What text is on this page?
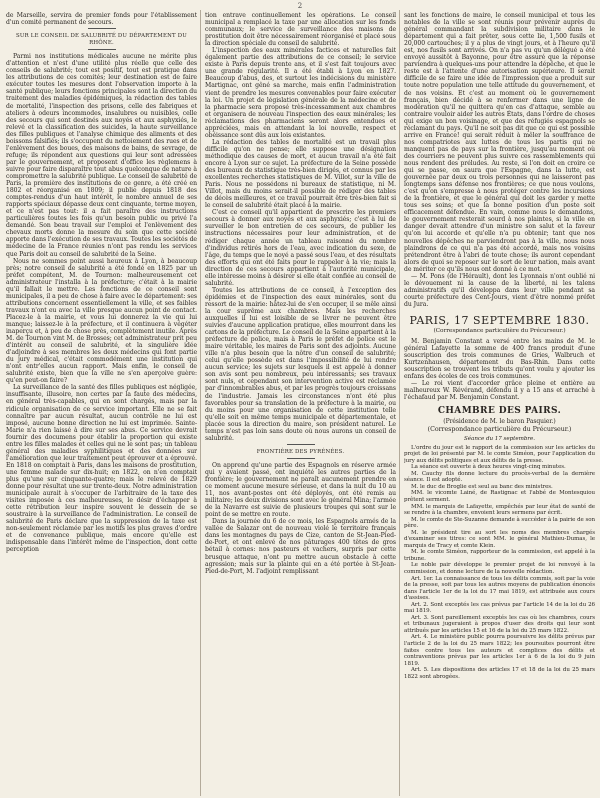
2

de Marseille, servira de premier fonds pour l'établissement d'un comité permanent de secours.

SUR LE CONSEIL DE SALUBRITÉ DU DÉPARTEMENT DU RHÔNE.

Parmi nos institutions médicales aucune ne mérite plus d'attention et n'est d'une utilité plus réelle que celle des conseils de salubrité; tout est positif, tout est pratique dans les attributions de ces comités; leur destination est de faire exécuter toutes les mesures dont l'observation importe à la santé publique; leurs fonctions principales sont la direction du traitement des maladies épidémiques, la rédaction des tables de mortalité, l'inspection des prisons, celle des fabriques et ateliers à odeurs incommodes, insalubres ou nuisibles, celle des secours qui sont destinés aux noyés et aux asphyxiés, le relevé et la classification des suicides, la haute surveillance des filles publiques et l'analyse chimique des aliments et des boissons falsifiés; ils s'occupent du nettoiement des rues et de l'enlèvement des boues, des maisons de bains, de sevrage, de refuge; ils répondent aux questions qui leur sont adressées par le gouvernement, et proposent d'office les règlemens à suivre pour faire disparaître tout abus quelconque de nature à compromettre la salubrité publique. Le conseil de salubrité de Paris, la première des institutions de ce genre, a été créé en 1802 et réorganisé en 1809; il publie depuis 1818 des comptes-rendus d'un haut intérêt, le nombre annuel de ses rapports spéciaux dépasse deux cent cinquante, terme moyen, et ce n'est pas tout: il a fait paraître des instructions particulières toutes les fois qu'un besoin public ou privé l'a demandé. Son beau travail sur l'emploi et l'enlèvement des chevaux morts donne la mesure du soin que cette société apporte dans l'exécution de ses travaux. Toutes les sociétés de médecine de la France réunies n'ont pas rendu les services que Paris doit au conseil de salubrité de la Seine.

Nous ne sommes point aussi heureux à Lyon, à beaucoup près; notre conseil de salubrité a été fondé en 1825 par un préfet compétent, M. de Tournon: malheureusement cet administrateur l'installa à la préfecture; c'était à la mairie qu'il fallait le mettre. Les fonctions de ce conseil sont municipales, il a peu de chose à faire avec le département: ses attributions concernent essentiellement la ville, et ses faibles travaux n'ont eu avec la ville presque aucun point de contact. Placez-le à la mairie, et vous lui donnerez la vie qui lui manque; laissez-le à la préfecture, et il continuera à végéter inaperçu et, à peu de chose près, complètement inutile. Après M. de Tournon vint M. de Brosses; cet administrateur prit peu d'intérêt au conseil de salubrité, et la singulière idée d'adjoindre à ses membres les deux médecins qui font partie du jury médical, c'était commodément une institution qui n'ont entr'elles aucun rapport. Mais enfin, le conseil de salubrité existe, bien que la ville ne s'en aperçoive guère: qu'en peut-on faire?

La surveillance de la santé des filles publiques est négligée, insuffisante, illusoire, non certes par la faute des médecins, en général très-capables, qui en sont chargés, mais par la ridicule organisation de ce service important. Elle ne se fait connaître par aucun résultat, aucun contrôle ne lui est imposé, aucune bonne direction ne lui est imprimée. Sainte-Marie n'a rien laissé à dire sur ses abus. Ce service devrait fournir des documens pour établir la proportion qui existe entre les filles malades et celles qui ne le sont pas; un tableau général des maladies syphilitiques et des données sur l'amélioration que leur traitement peut éprouver et a éprouvé. En 1818 on comptait à Paris, dans les maisons de prostitution, une femme malade sur dix-huit; en 1822, on n'en comptait plus qu'une sur cinquante-quatre; mais le relevé de 1829 donne pour résultat une sur trente-deux. Notre administration municipale aurait à s'occuper de l'arbitraire de la taxe des visites imposée à ces malheureuses, le désir d'échapper à cette rétribution leur inspire souvent le dessein de se soustraire à la surveillance de l'administration. Le conseil de salubrité de Paris déclare que la suppression de la taxe est non-seulement réclamée par les motifs les plus graves d'ordre et de convenance publique, mais encore qu'elle est indispensable dans l'intérêt même de l'inspection, dont cette perception

tion entrave continuellement les opérations. Le conseil municipal a remplacé la taxe par une allocation sur les fonds communaux; le service de surveillance des maisons de prostitution doit être nécessairement réorganisé et placé sous la direction spéciale du conseil de salubrité.

L'inspection des eaux minérales factices et naturelles fait également partie des attributions de ce conseil; le service existe à Paris depuis trente ans, et il s'est fait toujours avec une grande régularité. Il a été établi à Lyon en 1827. Beaucoup d'abus, des, et surtout les indécisions du ministère Martignac, ont gêné sa marche, mais enfin l'administration vient de prendre les mesures convenables pour faire exécuter la loi. Un projet de législation générale de la médecine et de la pharmacie sera proposé très-incessamment aux chambres et organisera de nouveau l'inspection des eaux minérales; les réclamations des pharmaciens seront alors entendues et appréciées, mais en attendant la loi nouvelle, respect et obéissance sont dûs aux lois existantes.

La rédaction des tables de mortalité est un travail plus difficile qu'on ne pense; elle suppose une désignation méthodique des causes de mort, et aucun travail n'a été fait encore à Lyon sur ce sujet. La préfecture de la Seine possède des bureaux de statistique très-bien dirigés, et connus par les excellentes recherches statistiques de M. Villot, sur la ville de Paris. Nous ne possédons ni bureaux de statistique, ni M. Villot, mais du moins serait-il possible de rédiger des tables de décès meilleures, et ce travail pourrait être très-bien fait si le conseil de salubrité était placé à la mairie.

C'est ce conseil qu'il appartient de prescrire les premiers secours à donner aux noyés et aux asphyxiés; c'est à lui de surveiller le bon entretien de ces secours, de publier les instructions nécessaires pour leur administration, et de rédiger chaque année un tableau raisonné du nombre d'individus retirés hors de l'eau, avec indication du sexe, de l'âge, du temps que le noyé a passé sous l'eau, et des résultats des efforts qui ont été faits pour le rappeler à la vie; mais la direction de ces secours appartient à l'autorité municipale, elle intéresse moins à désirer si elle était confiée au conseil de salubrité.

Toutes les attributions de ce conseil, à l'exception des épidémies et de l'inspection des eaux minérales, sont du ressort de la mairie: hâtez-lui de s'en occuper, il se mêle ainsi la cour suprême aux chambres. Mais les recherches auxquelles il lui est loisible de se livrer ne peuvent être suivies d'aucune application pratique, elles mourront dans les cartons de la préfecture. Le conseil de la Seine appartient à la préfecture de police, mais à Paris le préfet de police est le maire véritable, les maires de Paris sont des adjoints. Aucune ville n'a plus besoin que la nôtre d'un conseil de salubrité; celui qu'elle possède est dans l'impossibilité de lui rendre aucun service; les sujets sur lesquels il est appelé à donner son avis sont peu nombreux, peu intéressants; ses travaux sont nuls, et cependant son intervention active est réclamée par d'innombrables abus, et par les progrès toujours croissans de l'industrie. Jamais les circonstances n'ont été plus favorables pour sa translation de la préfecture à la mairie, ou du moins pour une organisation de cette institution telle qu'elle soit en même temps municipale et départementale, et placée sous la direction du maire, son président naturel. Le temps n'est pas loin sans doute où nous aurons un conseil de salubrité.

FRONTIÈRE DES PYRÉNÉES.

On apprend qu'une partie des Espagnols en réserve armée qui y avaient passé, ont inquiété les autres parties de la frontière; le gouvernement ne paraît aucunement prendre en ce moment aucune mesure sérieuse, et dans la nuit du 10 au 11, nos avant-postes ont été déployés, ont été remis au militaire; les deux divisions sont avec le général Mina; l'armée de la Navarre est suivie de plusieurs troupes qui sont sur le point de se mettre en route.

Dans la journée du 6 de ce mois, les Espagnols armés de la vallée de Salazar ont de nouveau violé le territoire français dans les montagnes du pays de Cize, canton de St-Jean-Pied-de-Port, et ont enlevé de nos pâturages 400 têtes de gros bétail à cornes: nos pasteurs et vachers, surpris par cette brusque attaque, n'ont pu mettre aucun obstacle à cette agression; mais sur la plainte qui en a été portée à St-Jean-Pied-de-Port, M. l'adjoint remplissant

sant les fonctions de maire, le conseil municipal et tous les notables de la ville se sont réunis pour prévenir auprès du général commandant la subdivision militaire dans le département qui a fait prêter, sous cette lie, 1,500 fusils et 20,000 cartouches; il y a plus de vingt jours, et à l'heure qu'il est, nos fusils sont arrivés. On n'a pas vu qu'un délégué a été envoyé aussitôt à Bayonne, pour être assuré que la réponse parviendra à quelques-uns pour attendre la dépêche, et que le reste est à l'attente d'une autorisation supérieure. Il serait difficile de se faire une idée de l'impression que a produit sur toute notre population une telle attitude du gouvernement, et de nos voisins. Et c'est au moment où le gouvernement français, bien décidé à se renfermer dans une ligne de modération qu'il ne quittera qu'en cas d'attaque, semble au contraire vouloir aider les autres États, dans l'ordre de choses qui exige un bon voisinage, et que des réfugiés espagnols se réclamant du pays. Qu'il ne soit pas dit que ce qui est possible arrive en France! qui serait réduit à mêler la souffrance de nos compatriotes aux luttes de tous les partis qui ne manquent pas de pays sur la frontière, jusqu'au moment où des courriers ne peuvent plus suivre ces rassemblements qui nous rendent des préludes. Au reste, si l'on doit en croire ce qui se passe, on saura que l'Espagne, dans la lutte, est gouvernée par deux ou trois personnes qui ne laisseront pas longtemps sans défense nos frontières; ce que nous voulons, c'est qu'on s'empresse à nous protéger contre les incursions de la frontière, et que le général qui doit les garder y mette tous ses soins; et que la bonne position d'un poste soit efficacement défendue. En vain, comme nous le demandons, le gouvernement resterait sourd à nos plaintes, si la ville en danger devait attendre d'un ministre son salut et la faveur qu'on lui accorde et qu'elle n'a pu obtenir; tant que nos nouvelles dépêches ne parviendront pas à la ville, nous nous plaindrons de ce qui n'a pas été accordé, mais nos voisins prétendront être à l'abri de toute chose; ils auront cependant alors de quoi se reposer sur le sort de leur nation, mais avant de mériter ce qu'ils nous ont donné à ce mot.

— M. Pons (de l'Hérault), dont les Lyonnais n'ont oublié ni le dévouement ni la cause de la liberté, ni les talens administratifs qu'il développa dans leur ville pendant sa courte préfecture des Cent-Jours, vient d'être nommé préfet du Jura.

PARIS, 17 SEPTEMBRE 1830.
(Correspondance particulière du Précurseur.)

M. Benjamin Constant a versé entre les mains de M. le général Lafayette la somme de 400 francs produit d'une souscription des trois communes de Gries, Walbruch et Kurtzenhausen, département du Bas-Rhin. Dans cette souscription se trouvent les tributs qu'ont voulu y ajouter les enfans des écoles de ces trois communes.

— Le roi vient d'accorder grâce pleine et entière au malheureux W. Révérand, défendu il y a 15 ans et arraché à l'échafaud par M. Benjamin Constant.

CHAMBRE DES PAIRS.
(Présidence de M. le baron Pasquier.)
(Correspondance particulière du Précurseur.)
Séance du 17 septembre.

L'ordre du jour est le rapport de la commission sur les articles du projet de loi présenté par M. le comte Siméon, pour l'application du jury aux délits politiques et aux délits de la presse.

La séance est ouverte à deux heures vingt-cinq minutes.

M. Cauchy fils donne lecture du procès-verbal de la dernière séance. Il est adopté.

M. le duc de Broglie est seul au banc des ministres.

MM. le vicomte Lainé, de Rastignac et l'abbé de Montesquiou prêtent serment.

MM. le marquis de Lafayette, empêchés par leur état de santé de se rendre à la chambre, envoient leurs sermens par écrit.

M. le comte de Ste-Suzanne demande à succéder à la pairie de son père.

M. le président tire au sort les noms des membres chargés d'examiner ses titres: ce sont MM. le général Mathieu-Dumas, le marquis de Tracy et comte Klein.

M. le comte Siméon, rapporteur de la commission, est appelé à la tribune.

Le noble pair développe le premier projet de loi renvoyé à la commission, et donne lecture de la nouvelle rédaction.

Art. 1er. La connaissance de tous les délits commis, soit par la voie de la presse, soit par tous les autres moyens de publication énoncés dans l'article 1er de la loi du 17 mai 1819, est attribuée aux cours d'assises.

Art. 2. Sont exceptés les cas prévus par l'article 14 de la loi du 26 mai 1819.

Art. 3. Sont pareillement exceptés les cas où les chambres, cours et tribunaux jugeraient à propos d'user des droits qui leur sont attribués par les articles 15 et 16 de la loi du 25 mars 1822.

Art. 4. Le ministère public pourra poursuivre les délits prévus par l'article 2 de la loi du 25 mars 1822; les poursuites pourront être faites contre tous les auteurs et complices des délits et contraventions prévus par les articles 1er à 6 de la loi du 9 juin 1819.

Art. 5. Les dispositions des articles 17 et 18 de la loi du 25 mars 1822 sont abrogées.
